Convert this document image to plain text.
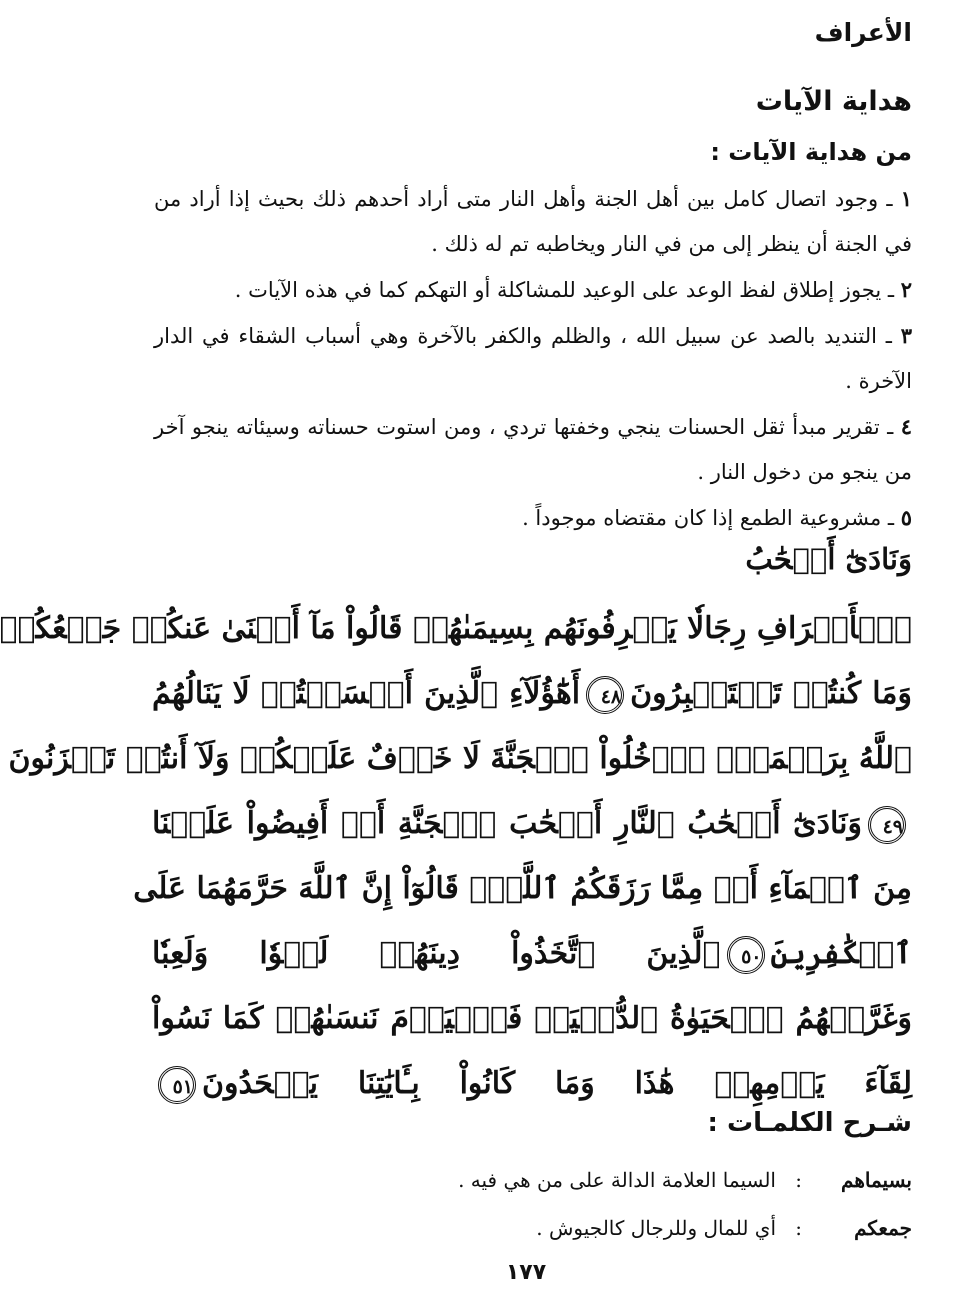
الأعراف
هداية الآيات
من هداية الآيات :

١ ـ وجود اتصال كامل بين أهل الجنة وأهل النار متى أراد أحدهم ذلك بحيث إذا أراد من في الجنة أن ينظر إلى من في النار ويخاطبه تم له ذلك .

٢ ـ يجوز إطلاق لفظ الوعد على الوعيد للمشاكلة أو التهكم كما في هذه الآيات .

٣ ـ التنديد بالصد عن سبيل الله ، والظلم والكفر بالآخرة وهي أسباب الشقاء في الدار الآخرة .

٤ ـ تقرير مبدأ ثقل الحسنات ينجي وخفتها تردي ، ومن استوت حسناته وسيئاته ينجو آخر من ينجو من دخول النار .

٥ ـ مشروعية الطمع إذا كان مقتضاه موجوداً .

وَنَادَىٰٓ أَصۡحَٰبُ
ٱلۡأَعۡرَافِ رِجَالٗا يَعۡرِفُونَهُم بِسِيمَىٰهُمۡ قَالُواْ مَآ أَغۡنَىٰ عَنكُمۡ جَمۡعُكُمۡ
وَمَا كُنتُمۡ تَسۡتَكۡبِرُونَ٤٨أَهَٰٓؤُلَآءِ ٱلَّذِينَ أَقۡسَمۡتُمۡ لَا يَنَالُهُمُ
ٱللَّهُ بِرَحۡمَةٍۚ ٱدۡخُلُواْ ٱلۡجَنَّةَ لَا خَوۡفٌ عَلَيۡكُمۡ وَلَآ أَنتُمۡ تَحۡزَنُونَ
٤٩وَنَادَىٰٓ أَصۡحَٰبُ ٱلنَّارِ أَصۡحَٰبَ ٱلۡجَنَّةِ أَنۡ أَفِيضُواْ عَلَيۡنَا
مِنَ ٱلۡمَآءِ أَوۡ مِمَّا رَزَقَكُمُ ٱللَّهُۚ قَالُوٓاْ إِنَّ ٱللَّهَ حَرَّمَهُمَا عَلَى
ٱلۡكَٰفِرِينَ٥٠ٱلَّذِينَ ٱتَّخَذُواْ دِينَهُمۡ لَهۡوٗا وَلَعِبٗا
وَغَرَّتۡهُمُ ٱلۡحَيَوٰةُ ٱلدُّنۡيَاۚ فَٱلۡيَوۡمَ نَنسَىٰهُمۡ كَمَا نَسُواْ
لِقَآءَ يَوۡمِهِمۡ هَٰذَا وَمَا كَانُواْ بِـَٔايَٰتِنَا يَجۡحَدُونَ٥١
شـرح الكلمـات :
بسيماهم
:
السيما العلامة الدالة على من هي فيه .
جمعكم
:
أي للمال وللرجال كالجيوش .
١٧٧
